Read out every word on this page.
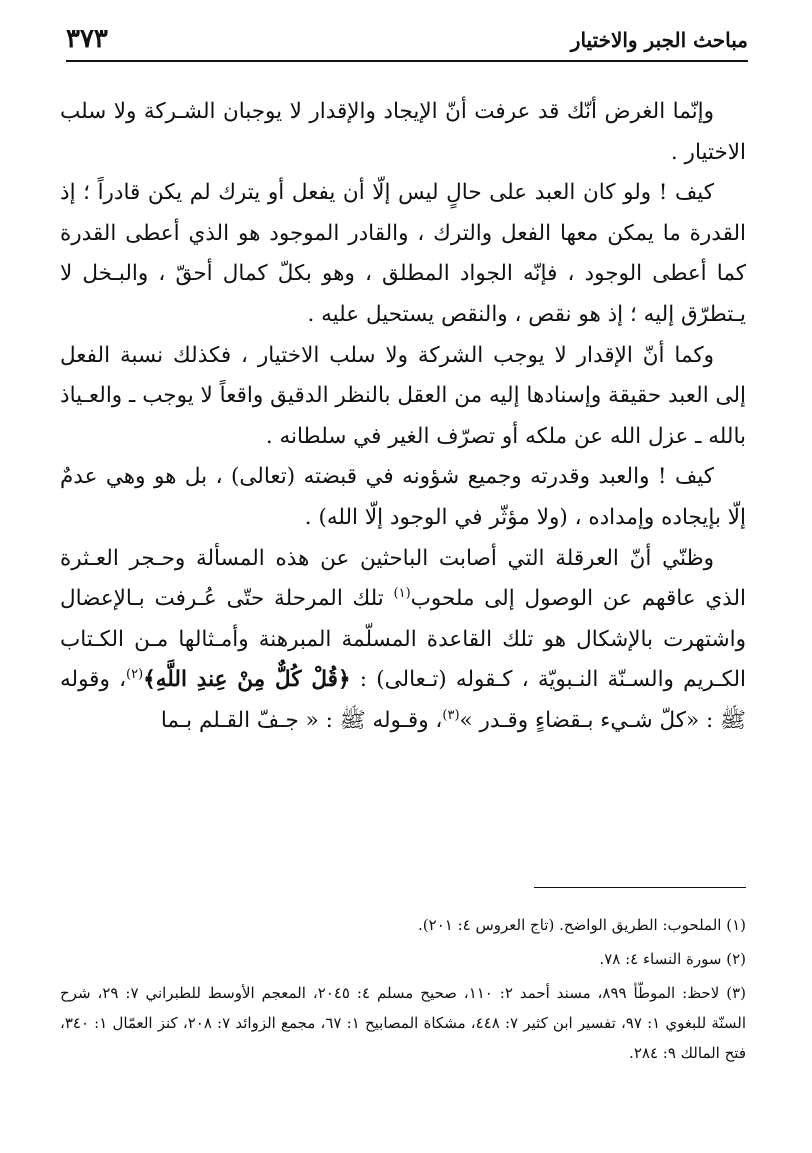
مباحث الجبر والاختيار
٣٧٣

وإنّما الغرض أنّك قد عرفت أنّ الإيجاد والإقدار لا يوجبان الشـركة ولا سلب الاختيار .

كيف ! ولو كان العبد على حالٍ ليس إلّا أن يفعل أو يترك لم يكن قادراً ؛ إذ القدرة ما يمكن معها الفعل والترك ، والقادر الموجود هو الذي أعطى القدرة كما أعطى الوجود ، فإنّه الجواد المطلق ، وهو بكلّ كمال أحقّ ، والبـخل لا يـتطرّق إليه ؛ إذ هو نقص ، والنقص يستحيل عليه .

وكما أنّ الإقدار لا يوجب الشركة ولا سلب الاختيار ، فكذلك نسبة الفعل إلى العبد حقيقة وإسنادها إليه من العقل بالنظر الدقيق واقعاً لا يوجب ـ والعـياذ بالله ـ عزل الله عن ملكه أو تصرّف الغير في سلطانه .

كيف ! والعبد وقدرته وجميع شؤونه في قبضته (تعالى) ، بل هو وهي عدمٌ إلّا بإيجاده وإمداده ، (ولا مؤثّر في الوجود إلّا الله) .

وظنّي أنّ العرقلة التي أصابت الباحثين عن هذه المسألة وحـجر العـثرة الذي عاقهم عن الوصول إلى ملحوب$^{(١)}$ تلك المرحلة حتّى عُـرفت بـالإعضال واشتهرت بالإشكال هو تلك القاعدة المسلّمة المبرهنة وأمـثالها مـن الكـتاب الكـريم والسـنّة النـبويّة ، كـقوله (تـعالى) : ﴿قُلْ كُلٌّ مِنْ عِندِ اللَّهِ﴾$^{(٢)}$، وقوله ﷺ : «كلّ شـيء بـقضاءٍ وقـدر »$^{(٣)}$، وقـوله ﷺ : « جـفّ القـلم بـما

(١) الملحوب: الطريق الواضح. (تاج العروس ٤: ٢٠١).

(٢) سورة النساء ٤: ٧٨.

(٣) لاحظ: الموطّأ ٨٩٩، مسند أحمد ٢: ١١٠، صحيح مسلم ٤: ٢٠٤٥، المعجم الأوسط للطبراني ٧: ٢٩، شرح السنّة للبغوي ١: ٩٧، تفسير ابن كثير ٧: ٤٤٨، مشكاة المصابيح ١: ٦٧، مجمع الزوائد ٧: ٢٠٨، كنز العمّال ١: ٣٤٠، فتح المالك ٩: ٢٨٤.
